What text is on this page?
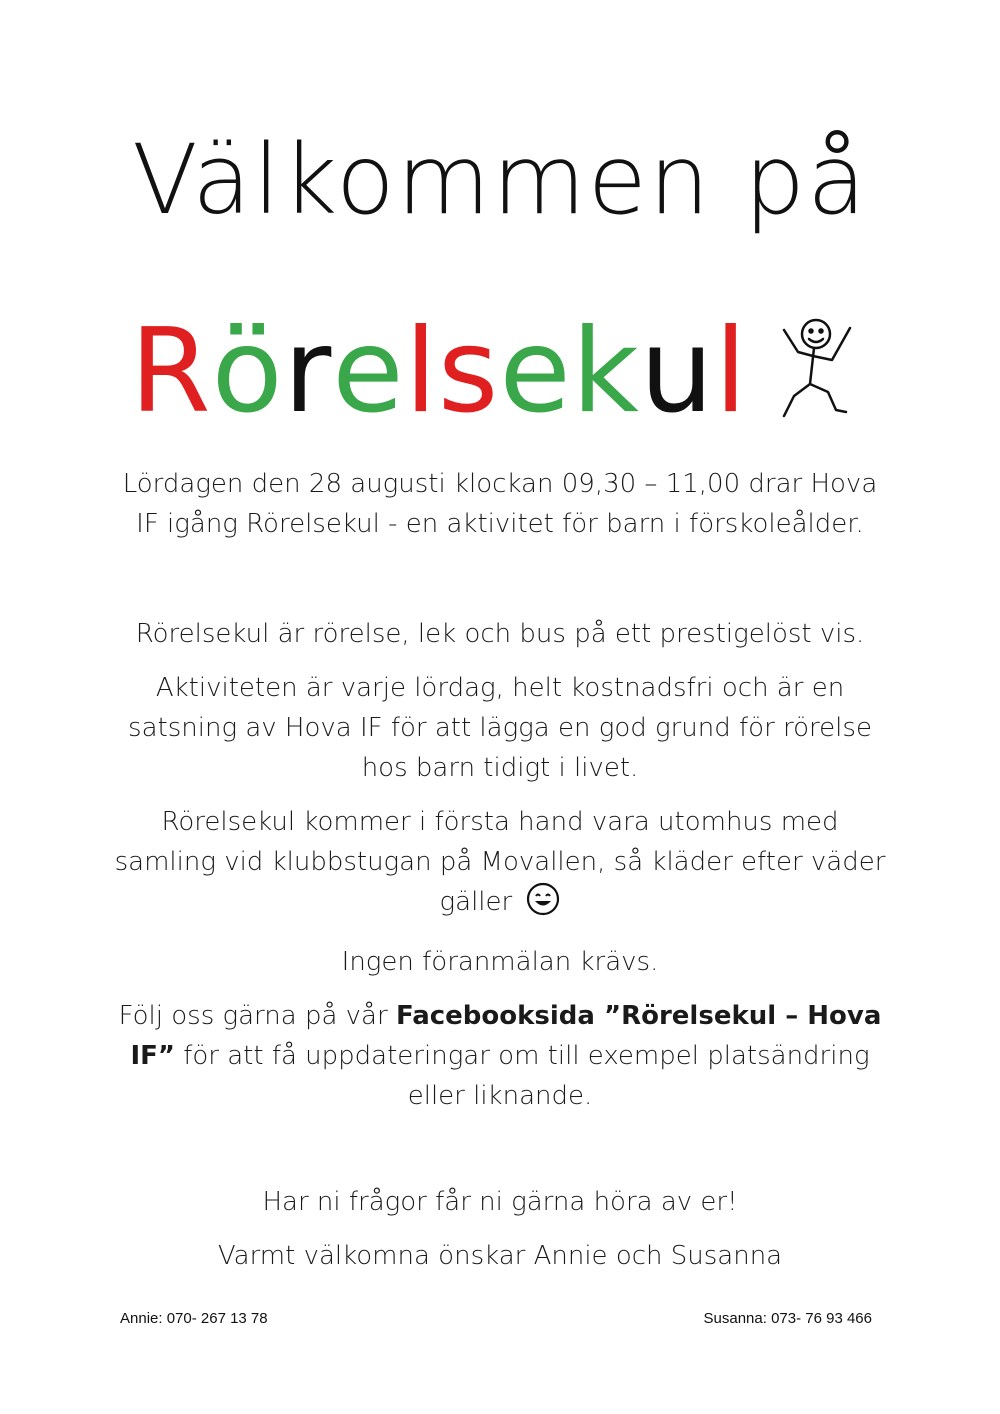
Välkommen på
R ö r e l s e k u l
Lördagen den 28 augusti klockan 09,30 – 11,00 drar Hova IF igång Rörelsekul - en aktivitet för barn i förskoleålder.
Rörelsekul är rörelse, lek och bus på ett prestigelöst vis.
Aktiviteten är varje lördag, helt kostnadsfri och är en satsning av Hova IF för att lägga en god grund för rörelse hos barn tidigt i livet.
Rörelsekul kommer i första hand vara utomhus med samling vid klubbstugan på Movallen, så kläder efter väder gäller
Ingen föranmälan krävs.
Följ oss gärna på vår Facebooksida ”Rörelsekul – Hova IF” för att få uppdateringar om till exempel platsändring eller liknande.
Har ni frågor får ni gärna höra av er!
Varmt välkomna önskar Annie och Susanna
Annie: 070- 267 13 78	Susanna: 073- 76 93 466
